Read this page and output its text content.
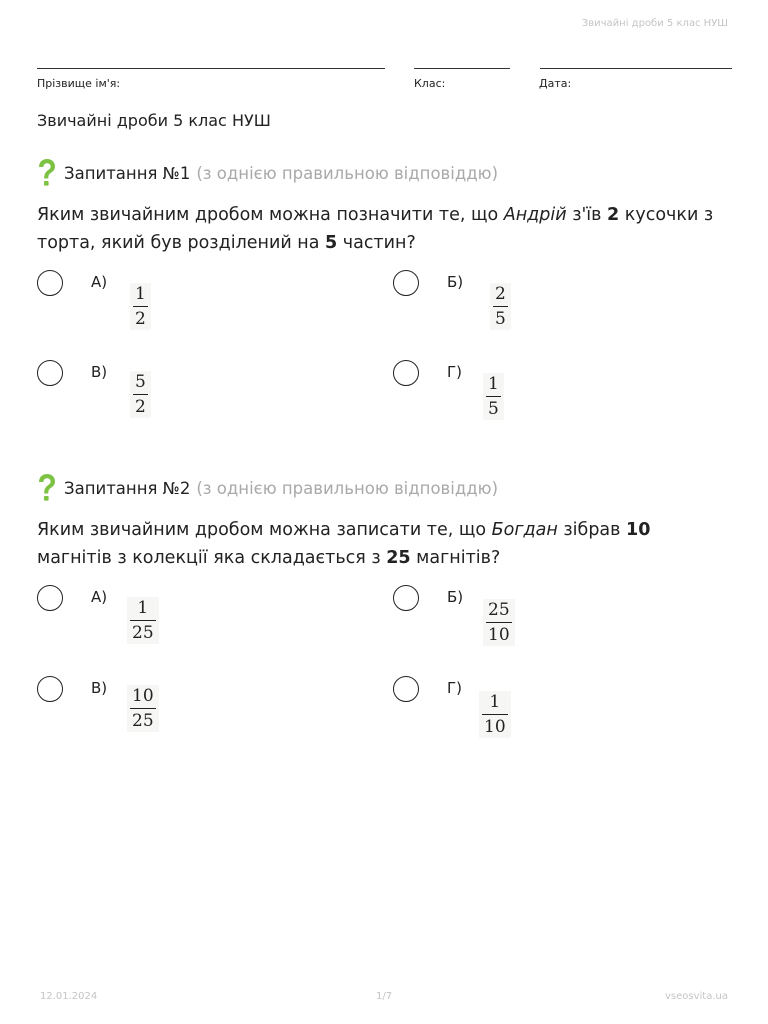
Звичайні дроби 5 клас НУШ
Прізвище ім'я:	Клас:	Дата:
Звичайні дроби 5 клас НУШ
Запитання №1 (з однією правильною відповіддю)
Яким звичайним дробом можна позначити те, що Андрій з'їв 2 кусочки з торта, який був розділений на 5 частин?
А)
1
2
Б)
2
5
В) 5
2
Г)
1
5
Запитання №2 (з однією правильною відповіддю)
Яким звичайним дробом можна записати те, що Богдан зібрав 10 магнітів з колекції яка складається з 25 магнітів?
А)
1
25
Б)
25
10
В) 10
25
Г)
1
10
12.01.2024	1/7	vseosvita.ua
